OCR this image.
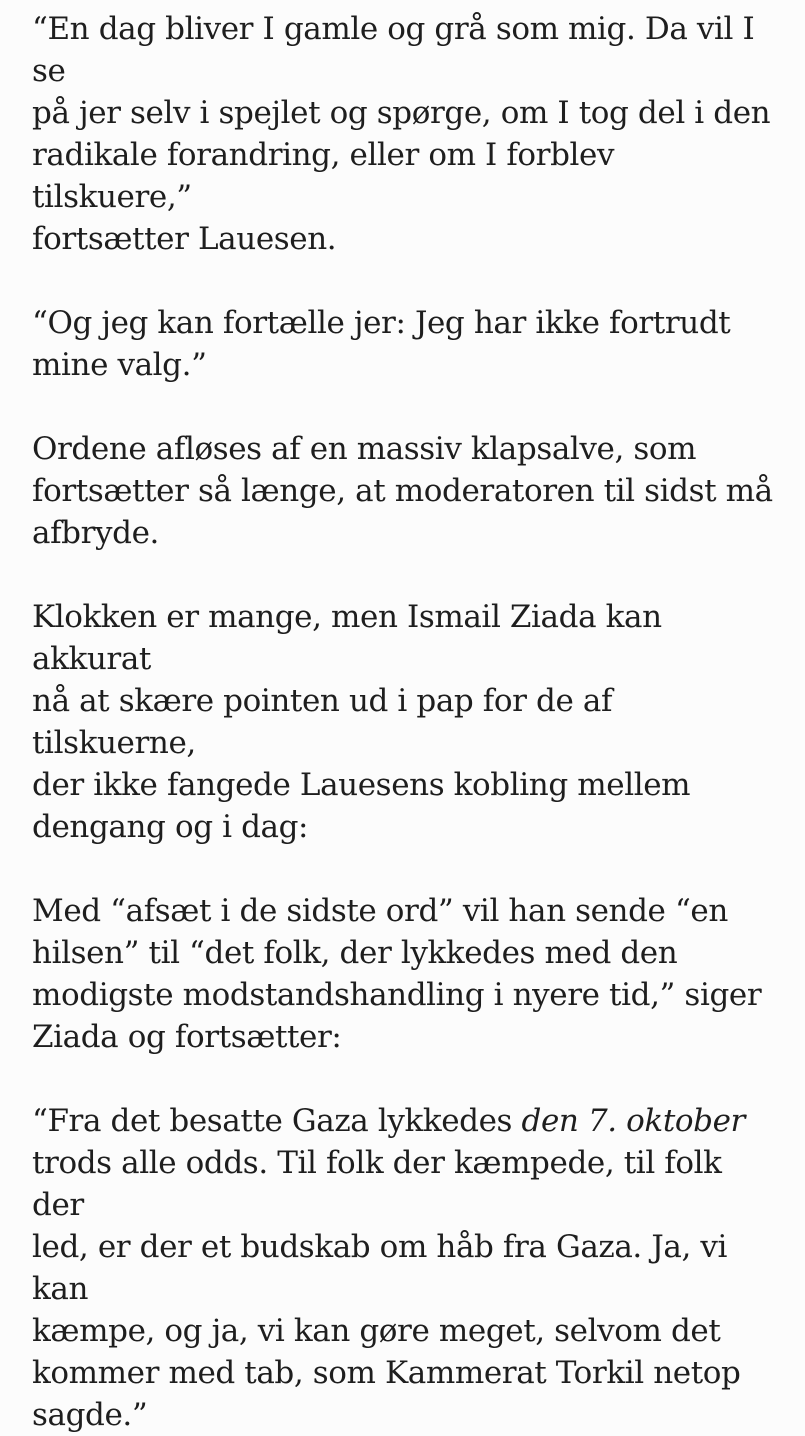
“En dag bliver I gamle og grå som mig. Da vil I se
på jer selv i spejlet og spørge, om I tog del i den
radikale forandring, eller om I forblev tilskuere,”
fortsætter Lauesen.

“Og jeg kan fortælle jer: Jeg har ikke fortrudt
mine valg.”

Ordene afløses af en massiv klapsalve, som
fortsætter så længe, at moderatoren til sidst må
afbryde.

Klokken er mange, men Ismail Ziada kan akkurat
nå at skære pointen ud i pap for de af tilskuerne,
der ikke fangede Lauesens kobling mellem
dengang og i dag:

Med “afsæt i de sidste ord” vil han sende “en
hilsen” til “det folk, der lykkedes med den
modigste modstandshandling i nyere tid,” siger
Ziada og fortsætter:

“Fra det besatte Gaza lykkedes den 7. oktober
trods alle odds. Til folk der kæmpede, til folk der
led, er der et budskab om håb fra Gaza. Ja, vi kan
kæmpe, og ja, vi kan gøre meget, selvom det
kommer med tab, som Kammerat Torkil netop
sagde.”
